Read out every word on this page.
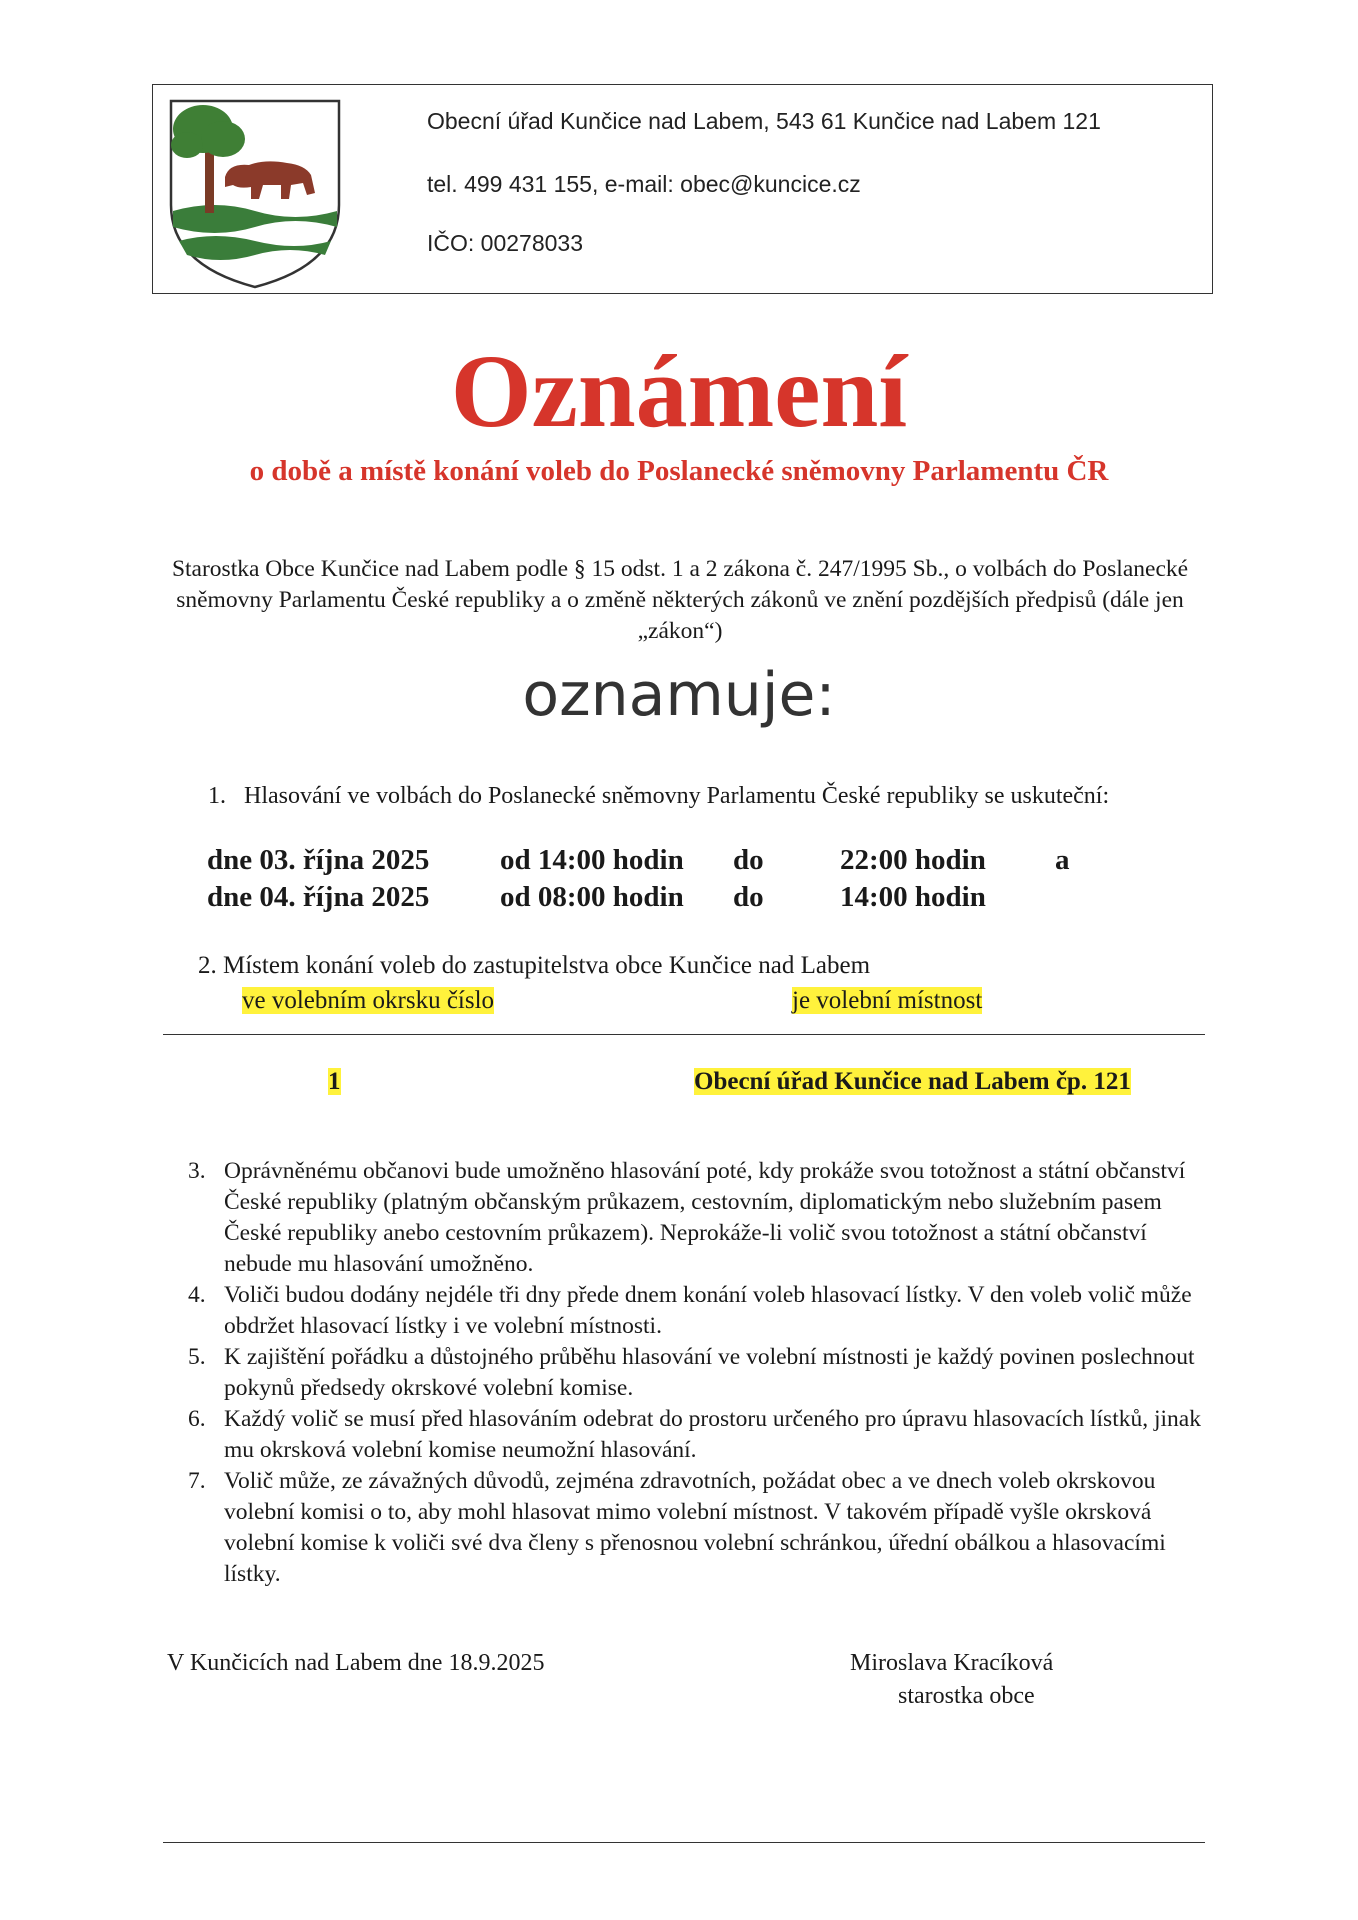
Obecní úřad Kunčice nad Labem, 543 61 Kunčice nad Labem 121
tel. 499 431 155, e-mail: obec@kuncice.cz
IČO: 00278033
Oznámení
o době a místě konání voleb do Poslanecké sněmovny Parlamentu ČR
Starostka Obce Kunčice nad Labem podle § 15 odst. 1 a 2 zákona č. 247/1995 Sb., o volbách do Poslanecké sněmovny Parlamentu České republiky a o změně některých zákonů ve znění pozdějších předpisů (dále jen „zákon“)
oznamuje:
1. Hlasování ve volbách do Poslanecké sněmovny Parlamentu České republiky se uskuteční:
dne 03. října 2025 od 14:00 hodin do	22:00 hodin a
dne 04. října 2025 od 08:00 hodin do	14:00 hodin
2. Místem konání voleb do zastupitelstva obce Kunčice nad Labem
ve volebním okrsku číslo	je volební místnost
1	Obecní úřad Kunčice nad Labem čp. 121
3. Oprávněnému občanovi bude umožněno hlasování poté, kdy prokáže svou totožnost a státní občanství České republiky (platným občanským průkazem, cestovním, diplomatickým nebo služebním pasem České republiky anebo cestovním průkazem). Neprokáže-li volič svou totožnost a státní občanství nebude mu hlasování umožněno.
4. Voliči budou dodány nejdéle tři dny přede dnem konání voleb hlasovací lístky. V den voleb volič může obdržet hlasovací lístky i ve volební místnosti.
5. K zajištění pořádku a důstojného průběhu hlasování ve volební místnosti je každý povinen poslechnout pokynů předsedy okrskové volební komise.
6. Každý volič se musí před hlasováním odebrat do prostoru určeného pro úpravu hlasovacích lístků, jinak mu okrsková volební komise neumožní hlasování.
7. Volič může, ze závažných důvodů, zejména zdravotních, požádat obec a ve dnech voleb okrskovou volební komisi o to, aby mohl hlasovat mimo volební místnost. V takovém případě vyšle okrsková volební komise k voliči své dva členy s přenosnou volební schránkou, úřední obálkou a hlasovacími lístky.
V Kunčicích nad Labem dne 18.9.2025	Miroslava Kracíková
starostka obce
